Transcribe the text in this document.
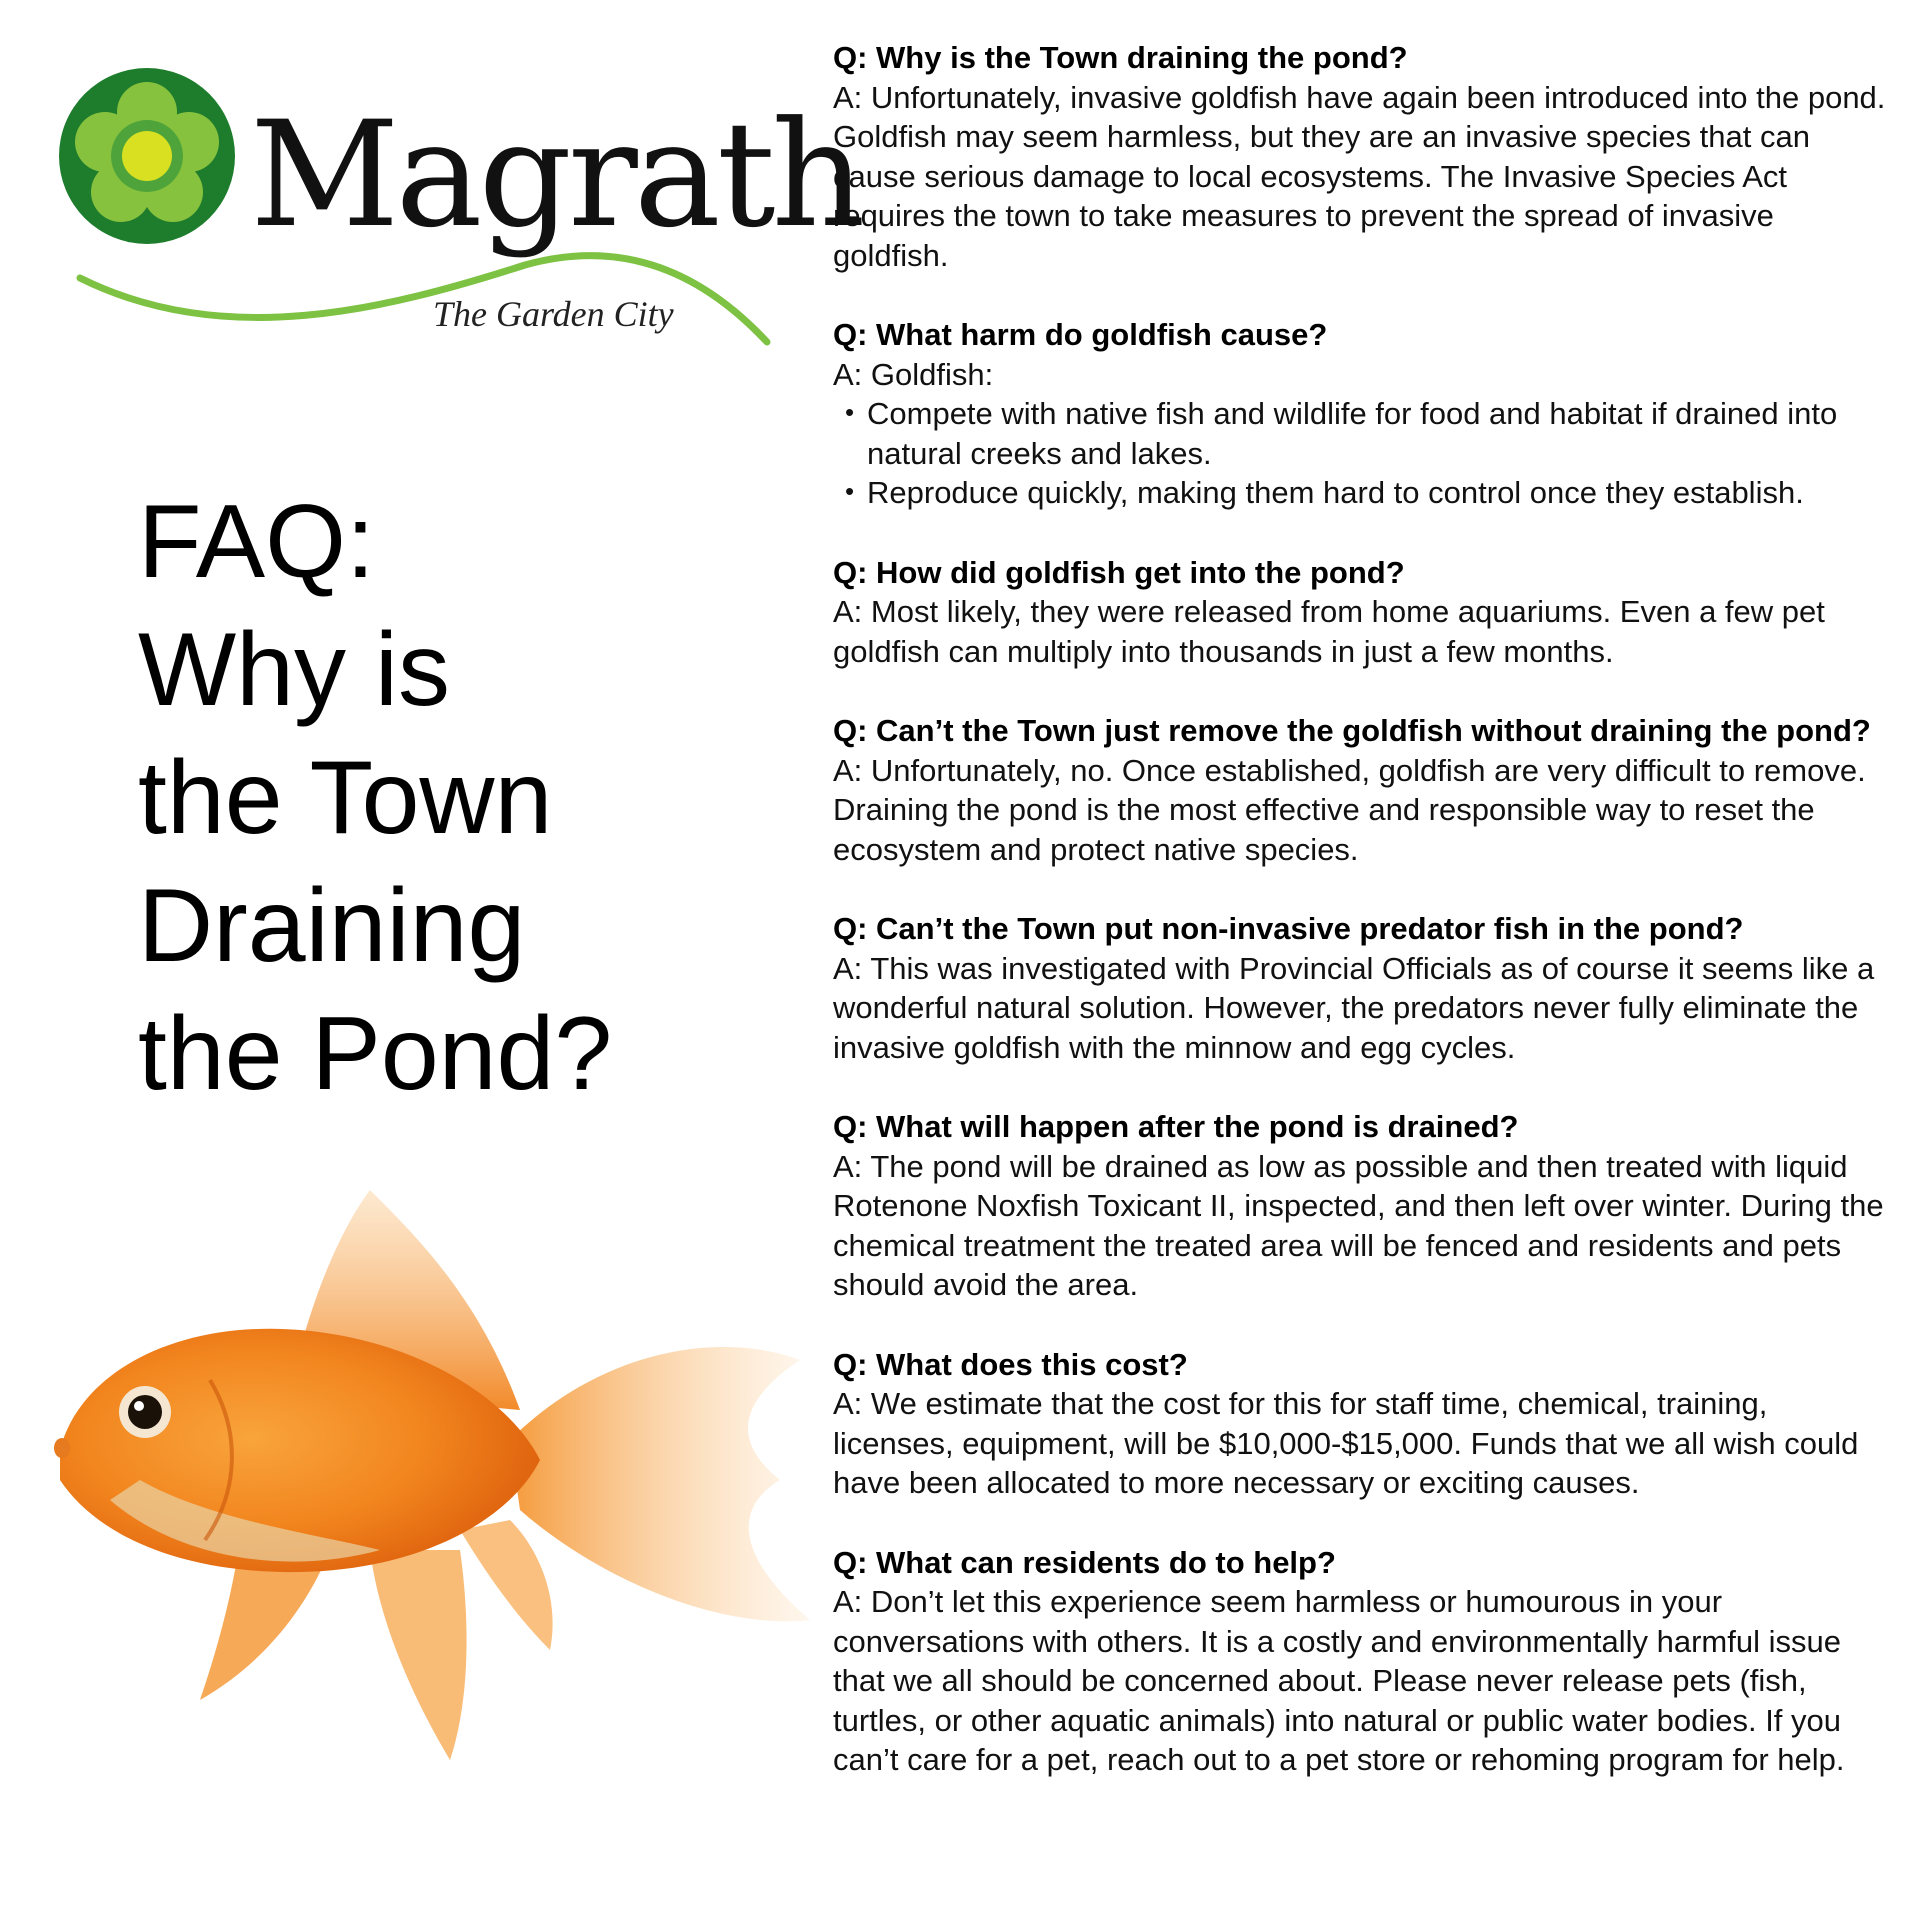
Magrath
The Garden City
FAQ:
Why is
the Town
Draining
the Pond?
Q: Why is the Town draining the pond?
A: Unfortunately, invasive goldfish have again been introduced into the pond. Goldfish may seem harmless, but they are an invasive species that can cause serious damage to local ecosystems. The Invasive Species Act requires the town to take measures to prevent the spread of invasive goldfish.
Q: What harm do goldfish cause?
A: Goldfish:
• Compete with native fish and wildlife for food and habitat if drained into natural creeks and lakes.
• Reproduce quickly, making them hard to control once they establish.
Q: How did goldfish get into the pond?
A: Most likely, they were released from home aquariums. Even a few pet goldfish can multiply into thousands in just a few months.
Q: Can’t the Town just remove the goldfish without draining the pond?
A: Unfortunately, no. Once established, goldfish are very difficult to remove. Draining the pond is the most effective and responsible way to reset the ecosystem and protect native species.
Q: Can’t the Town put non-invasive predator fish in the pond?
A: This was investigated with Provincial Officials as of course it seems like a wonderful natural solution. However, the predators never fully eliminate the invasive goldfish with the minnow and egg cycles.
Q: What will happen after the pond is drained?
A: The pond will be drained as low as possible and then treated with liquid Rotenone Noxfish Toxicant II, inspected, and then left over winter. During the chemical treatment the treated area will be fenced and residents and pets should avoid the area.
Q: What does this cost?
A: We estimate that the cost for this for staff time, chemical, training, licenses, equipment, will be $10,000-$15,000. Funds that we all wish could have been allocated to more necessary or exciting causes.
Q: What can residents do to help?
A: Don’t let this experience seem harmless or humourous in your conversations with others. It is a costly and environmentally harmful issue that we all should be concerned about. Please never release pets (fish, turtles, or other aquatic animals) into natural or public water bodies. If you can’t care for a pet, reach out to a pet store or rehoming program for help.
